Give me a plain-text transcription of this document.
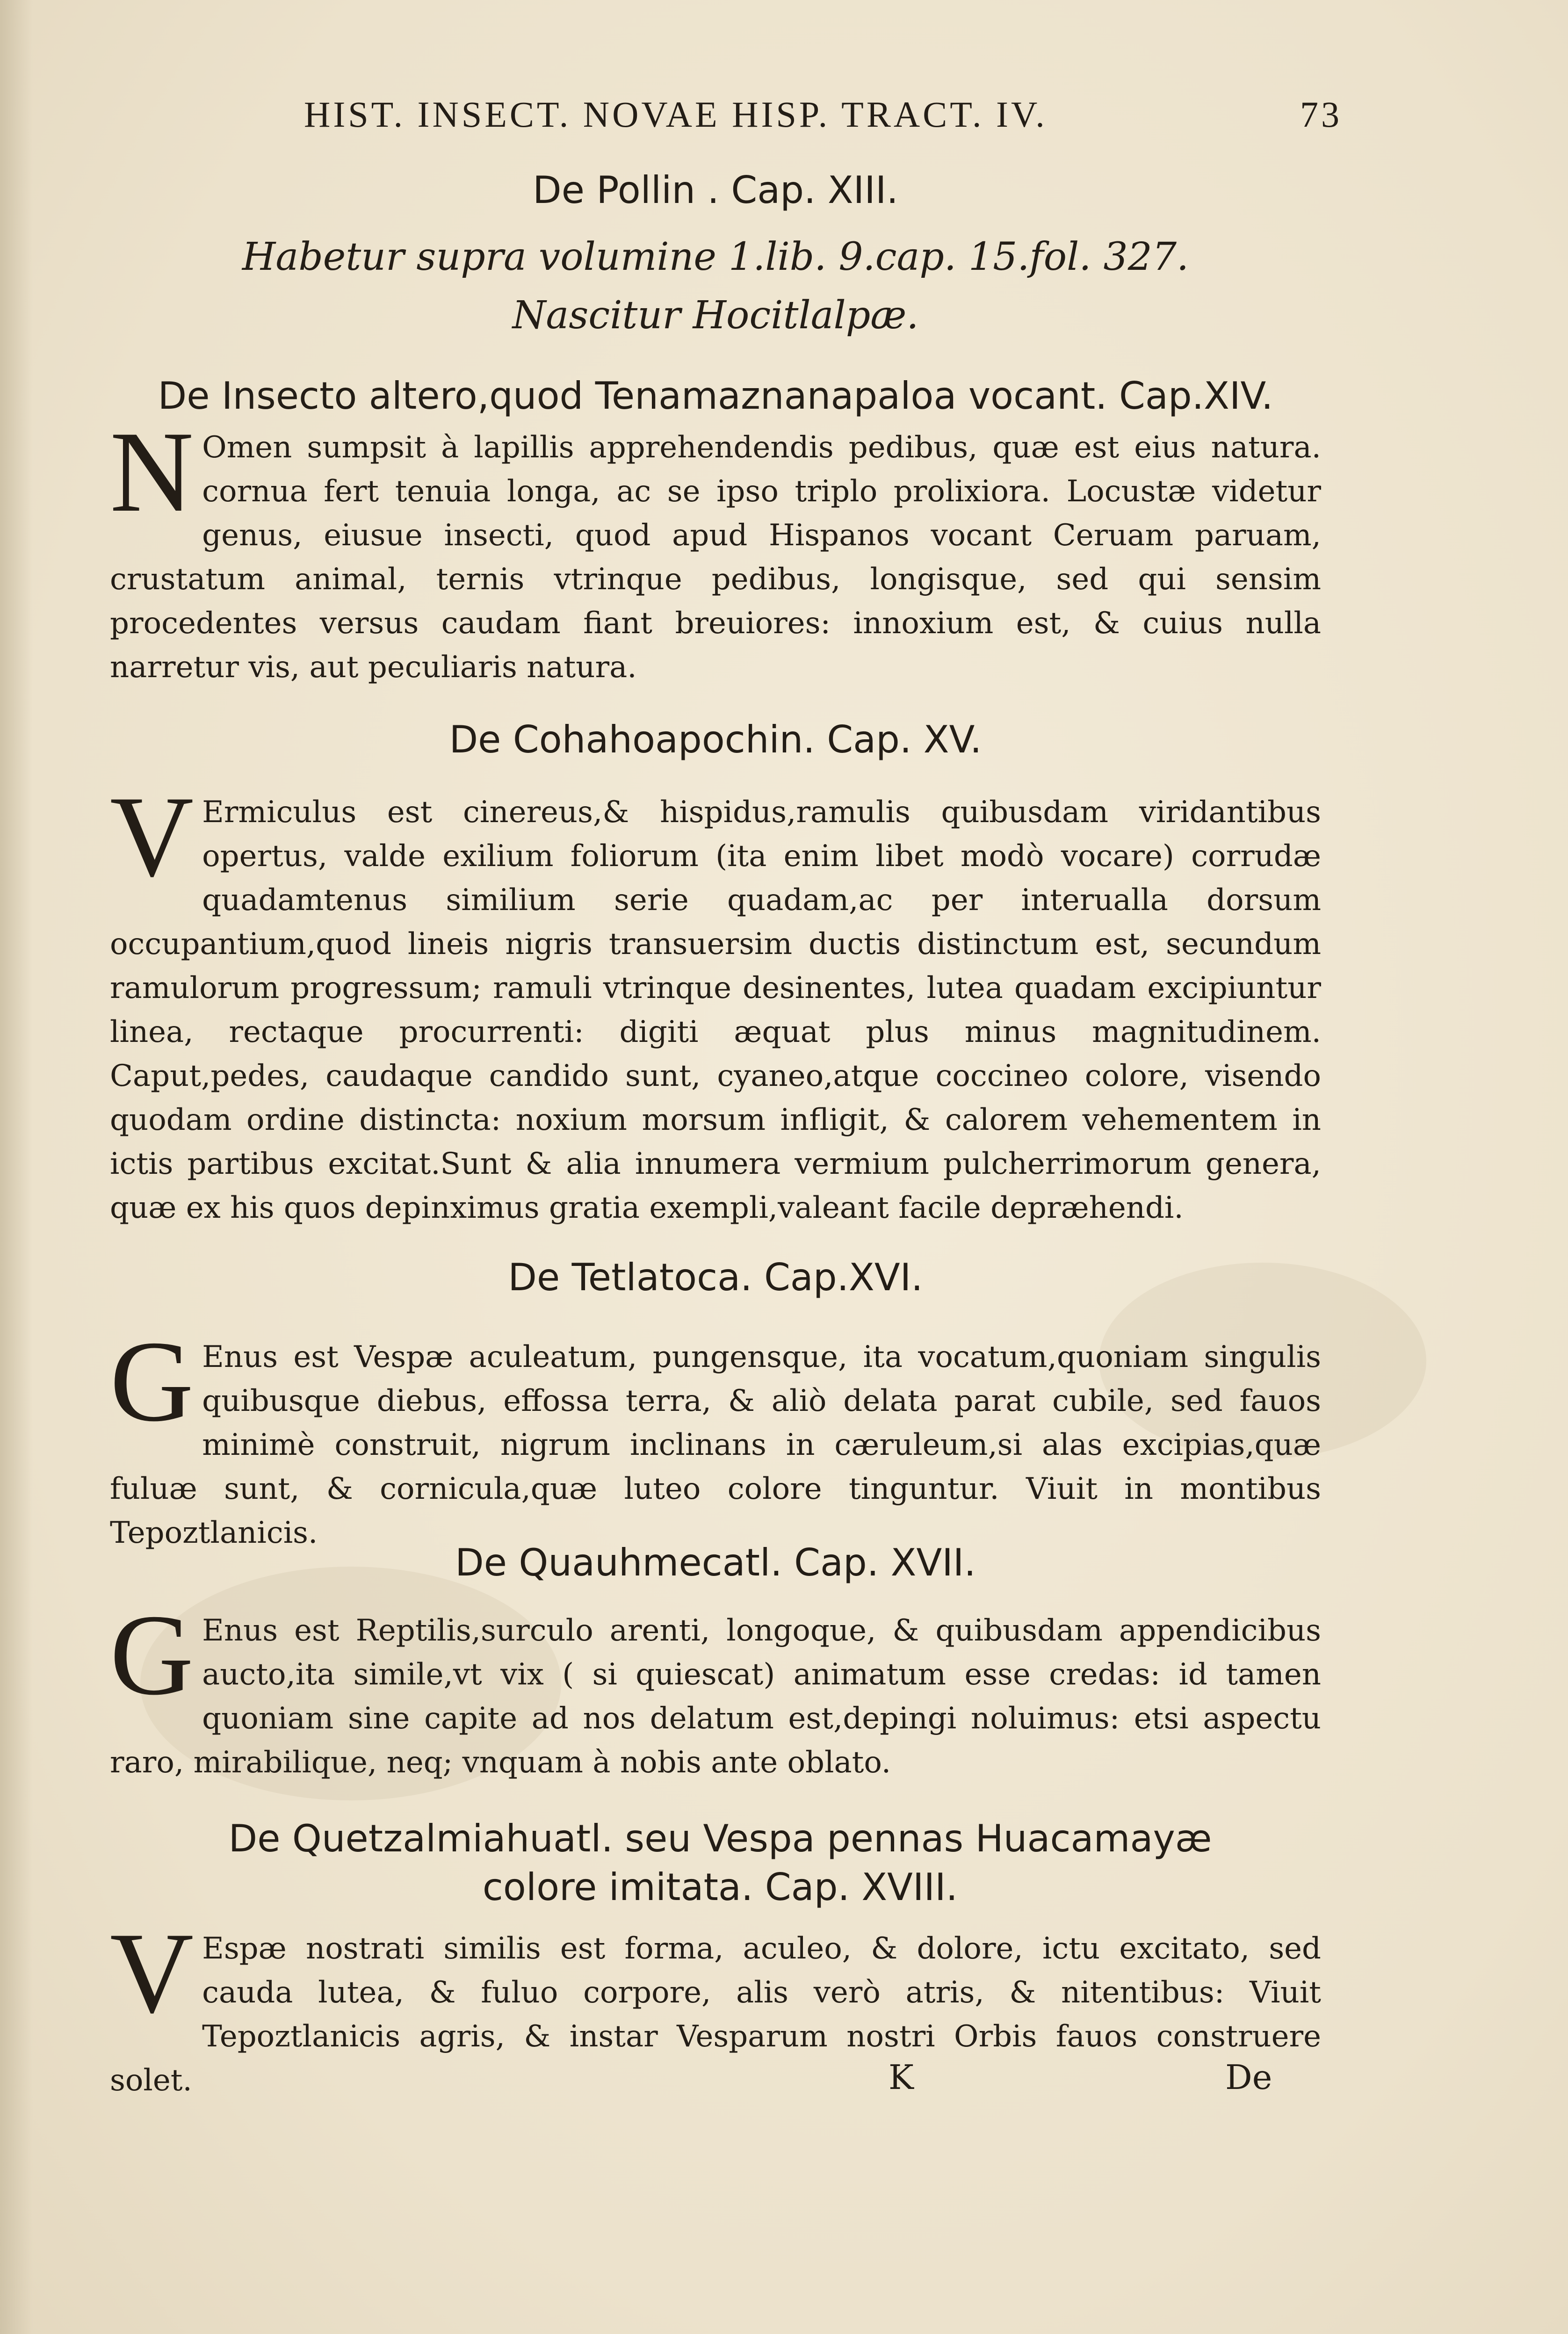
HIST. INSECT. NOVAE HISP. TRACT. IV.	73
De Pollin . Cap. XIII.
Habetur supra volumine 1.lib. 9.cap. 15.fol. 327.
Nascitur Hocitlalpæ.
De Insecto altero,quod Tenamaznanapaloa vocant. Cap.XIV.
N Omen sumpsit à lapillis apprehendendis pedibus, quæ est eius natura. cornua fert tenuia longa, ac se ipso triplo prolixiora. Locustæ videtur genus, eiusue insecti, quod apud Hispanos vocant Ceruam paruam, crustatum animal, ternis vtrinque pedibus, longisque, sed qui sensim procedentes versus caudam fiant breuiores: innoxium est, & cuius nulla narretur vis, aut peculiaris natura.
De Cohahoapochin. Cap. XV.
V Ermiculus est cinereus,& hispidus,ramulis quibusdam viridantibus opertus, valde exilium foliorum (ita enim libet modò vocare) corrudæ quadamtenus similium serie quadam,ac per interualla dorsum occupantium,quod lineis nigris transuersim ductis distinctum est, secundum ramulorum progressum; ramuli vtrinque desinentes, lutea quadam excipiuntur linea, rectaque procurrenti: digiti æquat plus minus magnitudinem. Caput,pedes, caudaque candido sunt, cyaneo,atque coccineo colore, visendo quodam ordine distincta: noxium morsum infligit, & calorem vehementem in ictis partibus excitat.Sunt & alia innumera vermium pulcherrimorum genera, quæ ex his quos depinximus gratia exempli,valeant facile depræhendi.
De Tetlatoca. Cap.XVI.
G Enus est Vespæ aculeatum, pungensque, ita vocatum,quoniam singulis quibusque diebus, effossa terra, & aliò delata parat cubile, sed fauos minimè construit, nigrum inclinans in cæruleum,si alas excipias,quæ fuluæ sunt, & cornicula,quæ luteo colore tinguntur. Viuit in montibus Tepoztlanicis.
De Quauhmecatl. Cap. XVII.
G Enus est Reptilis,surculo arenti, longoque, & quibusdam appendicibus aucto,ita simile,vt vix ( si quiescat) animatum esse credas: id tamen quoniam sine capite ad nos delatum est,depingi noluimus: etsi aspectu raro, mirabilique, neq; vnquam à nobis ante oblato.
De Quetzalmiahuatl. seu Vespa pennas Huacamayæ colore imitata. Cap. XVIII.
V Espæ nostrati similis est forma, aculeo, & dolore, ictu excitato, sed cauda lutea, & fuluo corpore, alis verò atris, & nitentibus: Viuit Tepoztlanicis agris, & instar Vesparum nostri Orbis fauos construere solet.	K	De
